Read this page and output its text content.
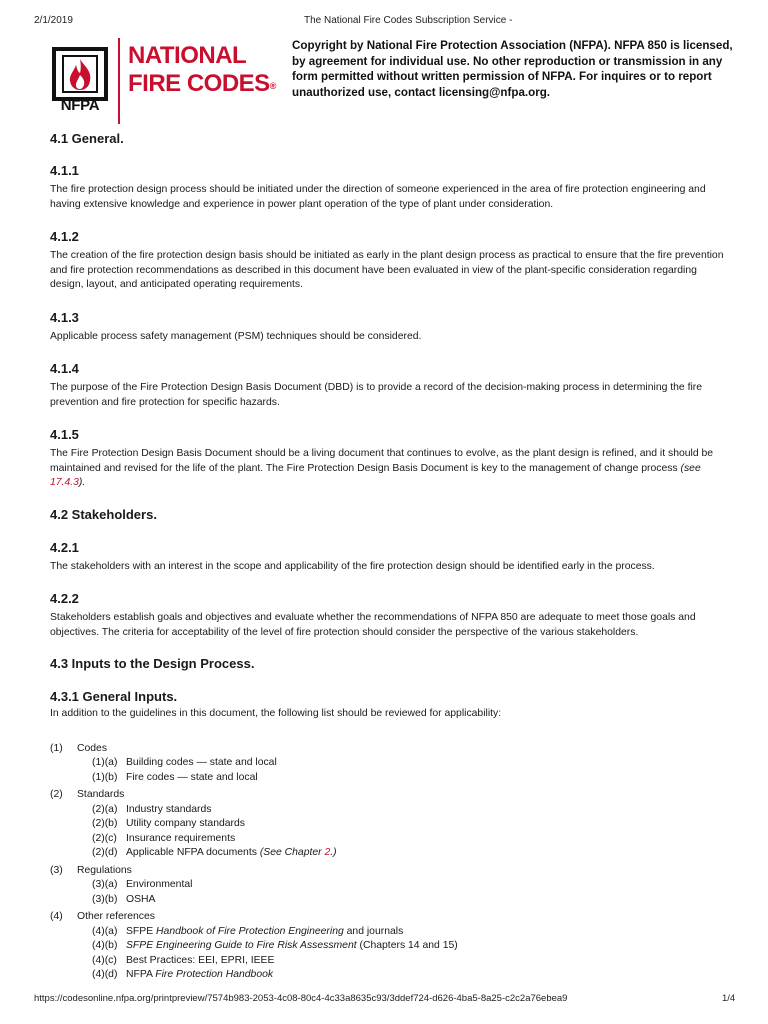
2/1/2019	The National Fire Codes Subscription Service -
NFPA
NATIONAL
FIRE CODES®
Copyright by National Fire Protection Association (NFPA). NFPA 850 is licensed, by agreement for individual use. No other reproduction or transmission in any form permitted without written permission of NFPA. For inquires or to report unauthorized use, contact licensing@nfpa.org.
4.1 General.
4.1.1

The fire protection design process should be initiated under the direction of someone experienced in the area of fire protection engineering and having extensive knowledge and experience in power plant operation of the type of plant under consideration.

4.1.2

The creation of the fire protection design basis should be initiated as early in the plant design process as practical to ensure that the fire prevention and fire protection recommendations as described in this document have been evaluated in view of the plant-specific consideration regarding design, layout, and anticipated operating requirements.

4.1.3

Applicable process safety management (PSM) techniques should be considered.

4.1.4

The purpose of the Fire Protection Design Basis Document (DBD) is to provide a record of the decision-making process in determining the fire prevention and fire protection for specific hazards.

4.1.5

The Fire Protection Design Basis Document should be a living document that continues to evolve, as the plant design is refined, and it should be maintained and revised for the life of the plant. The Fire Protection Design Basis Document is key to the management of change process (see 17.4.3).

4.2 Stakeholders.
4.2.1

The stakeholders with an interest in the scope and applicability of the fire protection design should be identified early in the process.

4.2.2

Stakeholders establish goals and objectives and evaluate whether the recommendations of NFPA 850 are adequate to meet those goals and objectives. The criteria for acceptability of the level of fire protection should consider the perspective of the various stakeholders.

4.3 Inputs to the Design Process.
4.3.1 General Inputs.

In addition to the guidelines in this document, the following list should be reviewed for applicability:

(1) Codes
(1)(a) Building codes — state and local
(1)(b) Fire codes — state and local
(2) Standards
(2)(a) Industry standards
(2)(b) Utility company standards
(2)(c) Insurance requirements
(2)(d) Applicable NFPA documents (See Chapter 2.)
(3) Regulations
(3)(a) Environmental
(3)(b) OSHA
(4) Other references
(4)(a) SFPE Handbook of Fire Protection Engineering and journals
(4)(b) SFPE Engineering Guide to Fire Risk Assessment (Chapters 14 and 15)
(4)(c) Best Practices: EEI, EPRI, IEEE
(4)(d) NFPA Fire Protection Handbook
https://codesonline.nfpa.org/printpreview/7574b983-2053-4c08-80c4-4c33a8635c93/3ddef724-d626-4ba5-8a25-c2c2a76ebea9	1/4
